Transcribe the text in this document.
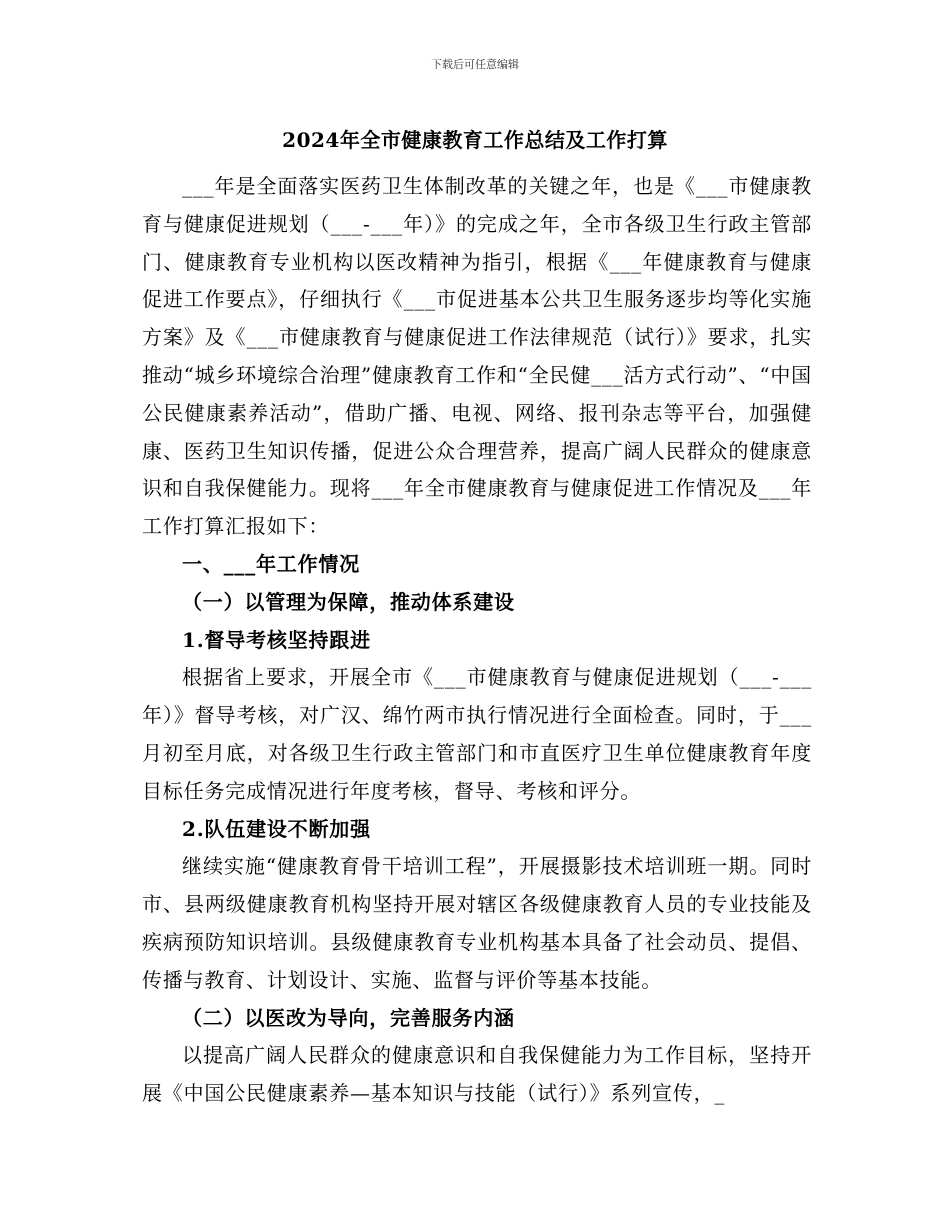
下载后可任意编辑
2024年全市健康教育工作总结及工作打算

___年是全面落实医药卫生体制改革的关键之年，也是《___市健康教育与健康促进规划（___-___年）》的完成之年，全市各级卫生行政主管部门、健康教育专业机构以医改精神为指引，根据《___年健康教育与健康促进工作要点》，仔细执行《___市促进基本公共卫生服务逐步均等化实施方案》及《___市健康教育与健康促进工作法律规范（试行）》要求，扎实推动“城乡环境综合治理”健康教育工作和“全民健___活方式行动”、“中国公民健康素养活动”，借助广播、电视、网络、报刊杂志等平台，加强健康、医药卫生知识传播，促进公众合理营养，提高广阔人民群众的健康意识和自我保健能力。现将___年全市健康教育与健康促进工作情况及___年工作打算汇报如下：

一、___年工作情况

（一）以管理为保障，推动体系建设

1.督导考核坚持跟进

根据省上要求，开展全市《___市健康教育与健康促进规划（___-___年）》督导考核，对广汉、绵竹两市执行情况进行全面检查。同时，于___月初至月底，对各级卫生行政主管部门和市直医疗卫生单位健康教育年度目标任务完成情况进行年度考核，督导、考核和评分。

2.队伍建设不断加强

继续实施“健康教育骨干培训工程”，开展摄影技术培训班一期。同时市、县两级健康教育机构坚持开展对辖区各级健康教育人员的专业技能及疾病预防知识培训。县级健康教育专业机构基本具备了社会动员、提倡、传播与教育、计划设计、实施、监督与评价等基本技能。

（二）以医改为导向，完善服务内涵

以提高广阔人民群众的健康意识和自我保健能力为工作目标，坚持开展《中国公民健康素养—基本知识与技能（试行）》系列宣传，_
